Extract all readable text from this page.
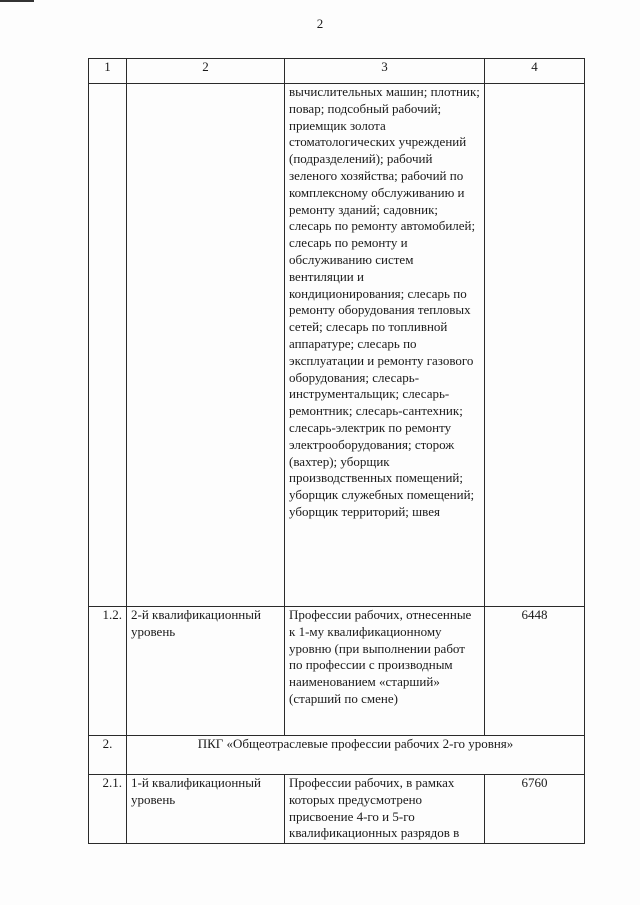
2
1	2	3	4
		вычислительных машин; плотник; повар; подсобный рабочий; приемщик золота стоматологических учреждений (подразделений); рабочий зеленого хозяйства; рабочий по комплексному обслуживанию и ремонту зданий; садовник; слесарь по ремонту автомобилей; слесарь по ремонту и обслуживанию систем вентиляции и кондиционирования; слесарь по ремонту оборудования тепловых сетей; слесарь по топливной аппаратуре; слесарь по эксплуатации и ремонту газового оборудования; слесарь-инструментальщик; слесарь-ремонтник; слесарь-сантехник; слесарь-электрик по ремонту электрооборудования; сторож (вахтер); уборщик производственных помещений; уборщик служебных помещений; уборщик территорий; швея	
1.2.	2-й квалификационный уровень	Профессии рабочих, отнесенные к 1-му квалификационному уровню (при выполнении работ по профессии с производным наименованием «старший» (старший по смене)	6448
2.	ПКГ «Общеотраслевые профессии рабочих 2-го уровня»		
2.1.	1-й квалификационный уровень	Профессии рабочих, в рамках которых предусмотрено присвоение 4-го и 5-го квалификационных разрядов в	6760
